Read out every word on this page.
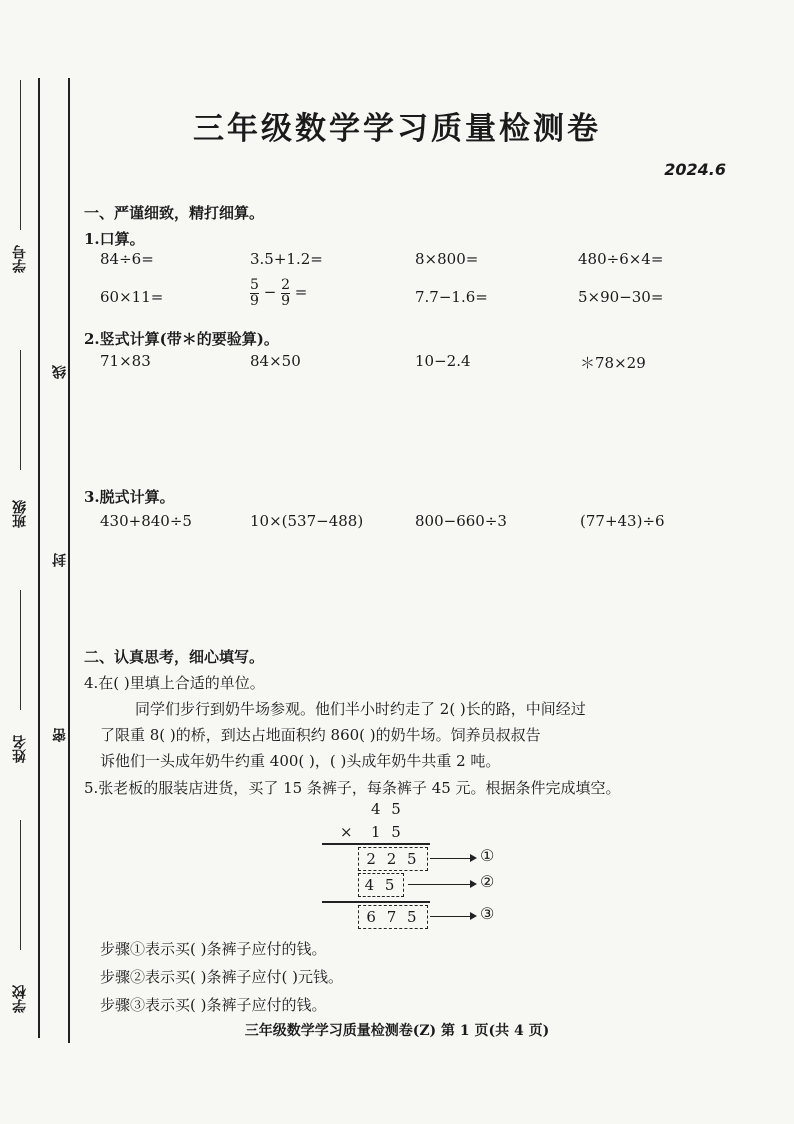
学号
班级
姓名
学校
线
封
密
三年级数学学习质量检测卷
2024.6
一、严谨细致，精打细算。
1.口算。
84÷6=	3.5+1.2=	8×800=	480÷6×4=
60×11=	$\frac{5}{9} - \frac{2}{9}$ =	7.7−1.6=	5×90−30=
2.竖式计算(带＊的要验算)。
71×83	84×50	10−2.4	＊78×29
3.脱式计算。
430+840÷5	10×(537−488)	800−660÷3	(77+43)÷6
二、认真思考，细心填写。
4.在( )里填上合适的单位。
同学们步行到奶牛场参观。他们半小时约走了 2( )长的路，中间经过
了限重 8( )的桥，到达占地面积约 860( )的奶牛场。饲养员叔叔告
诉他们一头成年奶牛约重 400( )，( )头成年奶牛共重 2 吨。
5.张老板的服装店进货，买了 15 条裤子，每条裤子 45 元。根据条件完成填空。
4 5
× 1 5
2 2 5	①
4 5	②
6 7 5	③
步骤①表示买( )条裤子应付的钱。
步骤②表示买( )条裤子应付( )元钱。
步骤③表示买( )条裤子应付的钱。
三年级数学学习质量检测卷(Z) 第 1 页(共 4 页)
